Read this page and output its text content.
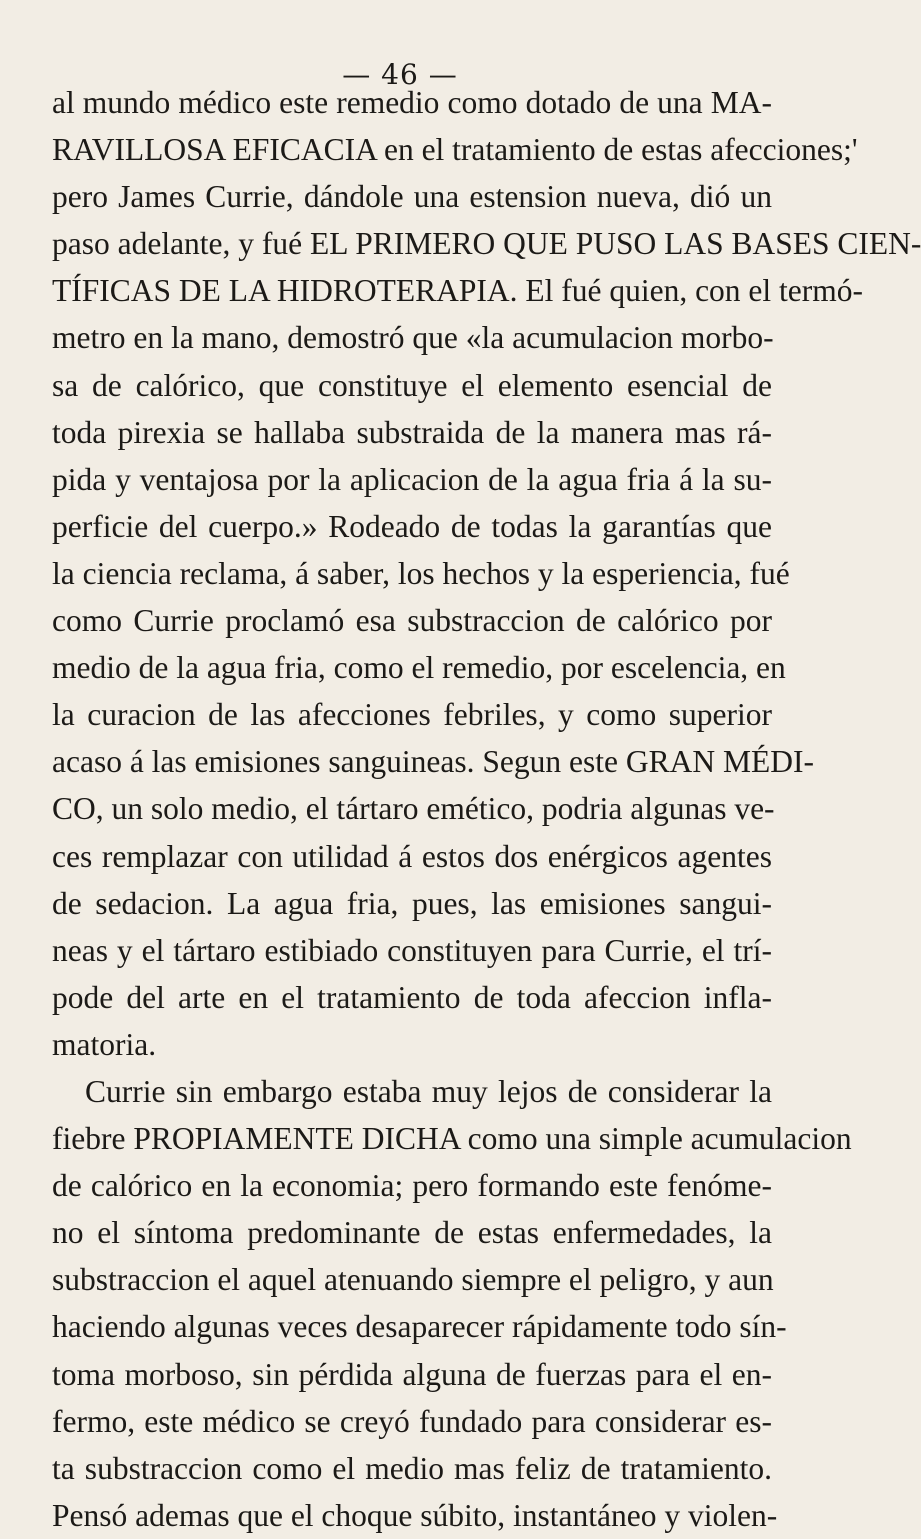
— 46 —
al mundo médico este remedio como dotado de una MA-
RAVILLOSA EFICACIA en el tratamiento de estas afecciones;'
pero James Currie, dándole una estension nueva, dió un
paso adelante, y fué EL PRIMERO QUE PUSO LAS BASES CIEN-
TÍFICAS DE LA HIDROTERAPIA. El fué quien, con el termó-
metro en la mano, demostró que «la acumulacion morbo-
sa de calórico, que constituye el elemento esencial de
toda pirexia se hallaba substraida de la manera mas rá-
pida y ventajosa por la aplicacion de la agua fria á la su-
perficie del cuerpo.» Rodeado de todas la garantías que
la ciencia reclama, á saber, los hechos y la esperiencia, fué
como Currie proclamó esa substraccion de calórico por
medio de la agua fria, como el remedio, por escelencia, en
la curacion de las afecciones febriles, y como superior
acaso á las emisiones sanguineas. Segun este GRAN MÉDI-
CO, un solo medio, el tártaro emético, podria algunas ve-
ces remplazar con utilidad á estos dos enérgicos agentes
de sedacion. La agua fria, pues, las emisiones sangui-
neas y el tártaro estibiado constituyen para Currie, el trí-
pode del arte en el tratamiento de toda afeccion infla-
matoria.
Currie sin embargo estaba muy lejos de considerar la
fiebre PROPIAMENTE DICHA como una simple acumulacion
de calórico en la economia; pero formando este fenóme-
no el síntoma predominante de estas enfermedades, la
substraccion el aquel atenuando siempre el peligro, y aun
haciendo algunas veces desaparecer rápidamente todo sín-
toma morboso, sin pérdida alguna de fuerzas para el en-
fermo, este médico se creyó fundado para considerar es-
ta substraccion como el medio mas feliz de tratamiento.
Pensó ademas que el choque súbito, instantáneo y violen-
